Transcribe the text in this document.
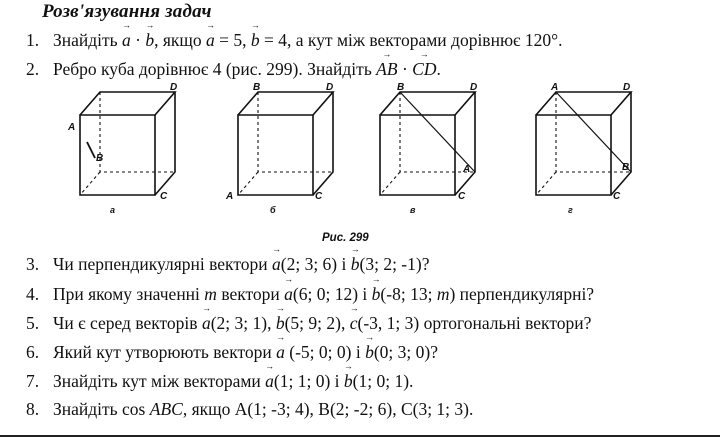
Розв'язування задач
1. Знайдіть → a · → b, якщо → a = 5, → b = 4, а кут між векторами дорівнює 120°.
2. Ребро куба дорівнює 4 (рис. 299). Знайдіть → AB · → CD.
D
A
B
C
а
B	D
A	C
б
B	D
A
C
в
A	D
B
C
г
Рис. 299
3. Чи перпендикулярні вектори → a(2; 3; 6) і → b(3; 2; -1)?
4. При якому значенні m вектори → a(6; 0; 12) і → b(-8; 13; m) перпендикулярні?
5. Чи є серед векторів → a(2; 3; 1), → b(5; 9; 2), → c(-3, 1; 3) ортогональні вектори?
6. Який кут утворюють вектори → a (-5; 0; 0) і → b(0; 3; 0)?
7. Знайдіть кут між векторами → a(1; 1; 0) і → b(1; 0; 1).
8. Знайдіть cos ABC, якщо A(1; -3; 4), B(2; -2; 6), C(3; 1; 3).
